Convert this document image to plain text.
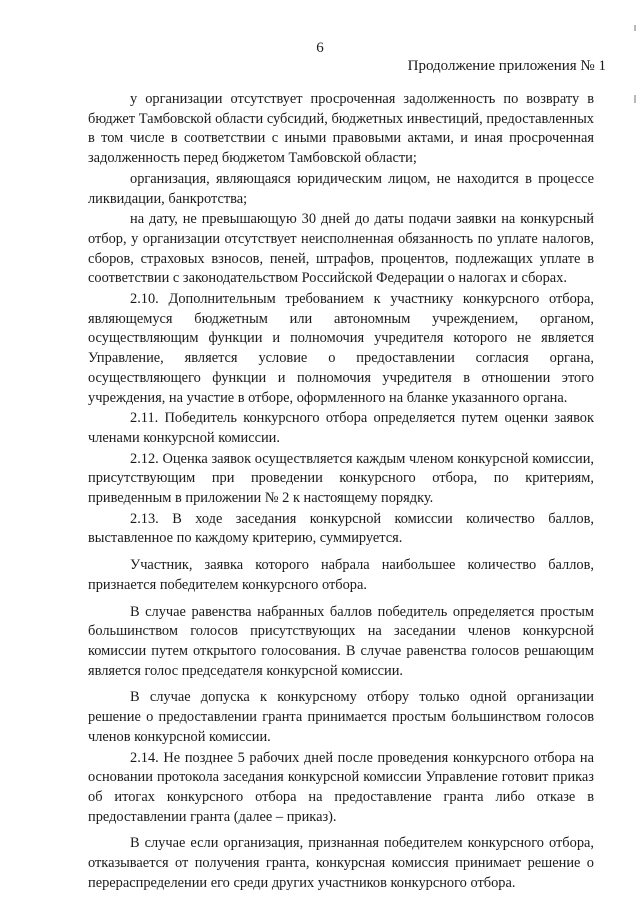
6
Продолжение приложения № 1

у организации отсутствует просроченная задолженность по возврату в бюджет Тамбовской области субсидий, бюджетных инвестиций, предоставленных в том числе в соответствии с иными правовыми актами, и иная просроченная задолженность перед бюджетом Тамбовской области;

организация, являющаяся юридическим лицом, не находится в процессе ликвидации, банкротства;

на дату, не превышающую 30 дней до даты подачи заявки на конкурсный отбор, у организации отсутствует неисполненная обязанность по уплате налогов, сборов, страховых взносов, пеней, штрафов, процентов, подлежащих уплате в соответствии с законодательством Российской Федерации о налогах и сборах.

2.10. Дополнительным требованием к участнику конкурсного отбора, являющемуся бюджетным или автономным учреждением, органом, осуществляющим функции и полномочия учредителя которого не является Управление, является условие о предоставлении согласия органа, осуществляющего функции и полномочия учредителя в отношении этого учреждения, на участие в отборе, оформленного на бланке указанного органа.

2.11. Победитель конкурсного отбора определяется путем оценки заявок членами конкурсной комиссии.

2.12. Оценка заявок осуществляется каждым членом конкурсной комиссии, присутствующим при проведении конкурсного отбора, по критериям, приведенным в приложении № 2 к настоящему порядку.

2.13. В ходе заседания конкурсной комиссии количество баллов, выставленное по каждому критерию, суммируется.

Участник, заявка которого набрала наибольшее количество баллов, признается победителем конкурсного отбора.

В случае равенства набранных баллов победитель определяется простым большинством голосов присутствующих на заседании членов конкурсной комиссии путем открытого голосования. В случае равенства голосов решающим является голос председателя конкурсной комиссии.

В случае допуска к конкурсному отбору только одной организации решение о предоставлении гранта принимается простым большинством голосов членов конкурсной комиссии.

2.14. Не позднее 5 рабочих дней после проведения конкурсного отбора на основании протокола заседания конкурсной комиссии Управление готовит приказ об итогах конкурсного отбора на предоставление гранта либо отказе в предоставлении гранта (далее – приказ).

В случае если организация, признанная победителем конкурсного отбора, отказывается от получения гранта, конкурсная комиссия принимает решение о перераспределении его среди других участников конкурсного отбора.
